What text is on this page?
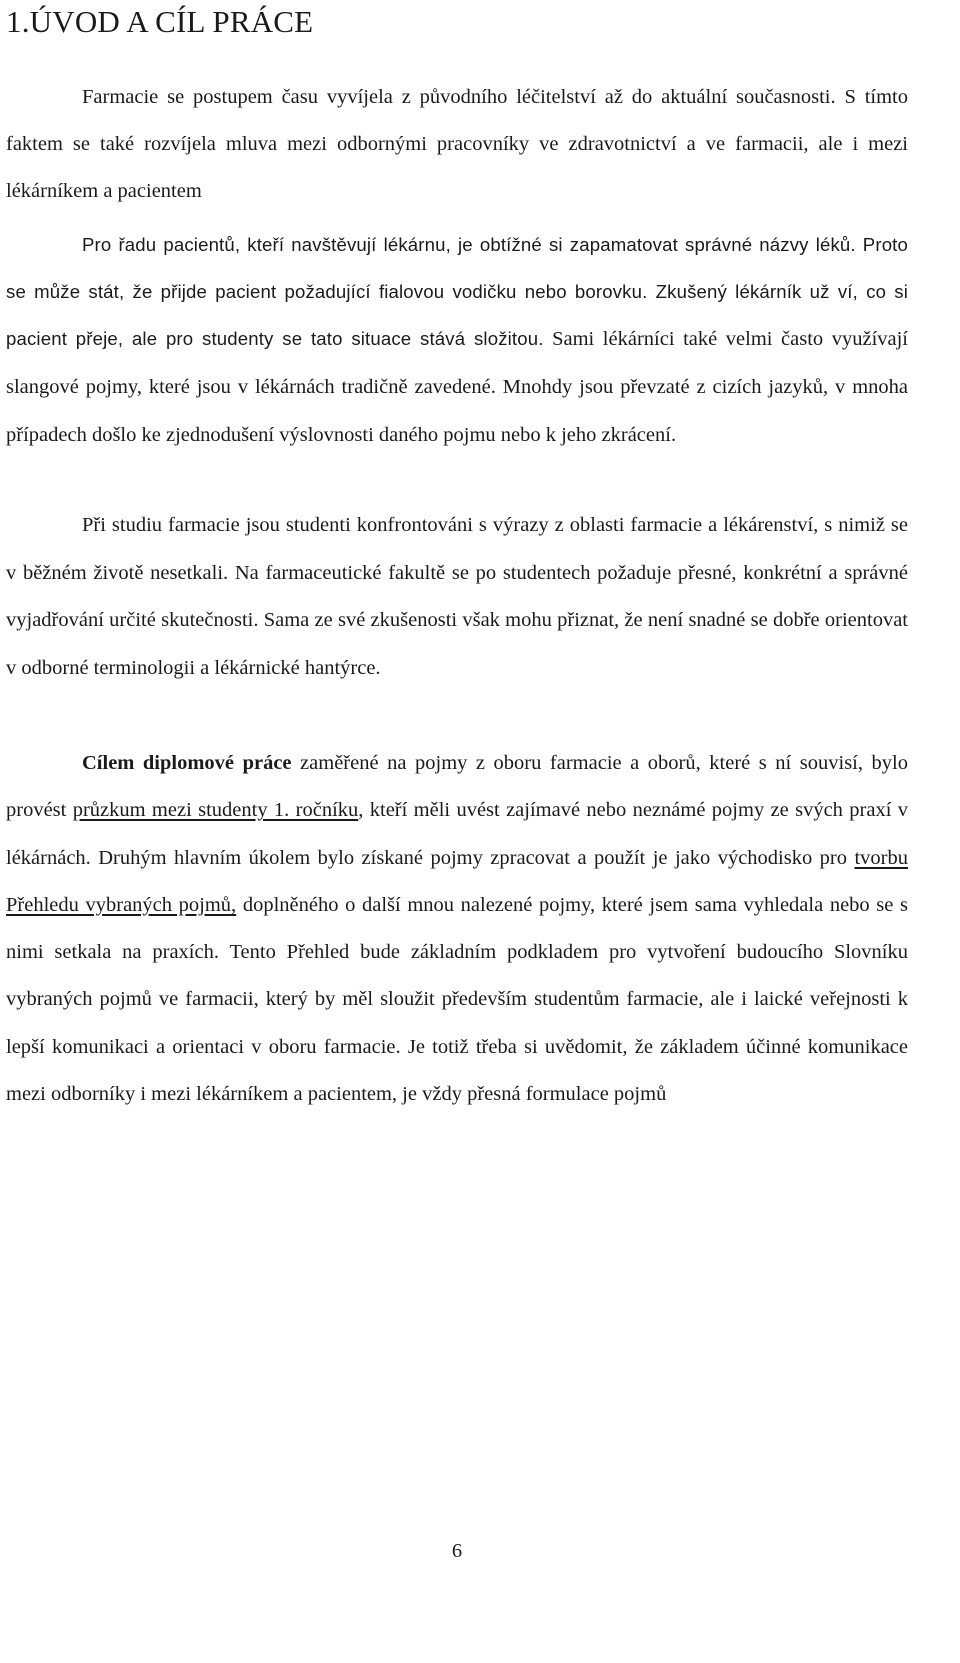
1.ÚVOD A CÍL PRÁCE

Farmacie se postupem času vyvíjela z původního léčitelství až do aktuální současnosti. S tímto faktem se také rozvíjela mluva mezi odbornými pracovníky ve zdravotnictví a ve farmacii, ale i mezi lékárníkem a pacientem

Pro řadu pacientů, kteří navštěvují lékárnu, je obtížné si zapamatovat správné názvy léků. Proto se může stát, že přijde pacient požadující fialovou vodičku nebo borovku. Zkušený lékárník už ví, co si pacient přeje, ale pro studenty se tato situace stává složitou. Sami lékárníci také velmi často využívají slangové pojmy, které jsou v lékárnách tradičně zavedené. Mnohdy jsou převzaté z cizích jazyků, v mnoha případech došlo ke zjednodušení výslovnosti daného pojmu nebo k jeho zkrácení.

Při studiu farmacie jsou studenti konfrontováni s výrazy z oblasti farmacie a lékárenství, s nimiž se v běžném životě nesetkali. Na farmaceutické fakultě se po studentech požaduje přesné, konkrétní a správné vyjadřování určité skutečnosti. Sama ze své zkušenosti však mohu přiznat, že není snadné se dobře orientovat v odborné terminologii a lékárnické hantýrce.

Cílem diplomové práce zaměřené na pojmy z oboru farmacie a oborů, které s ní souvisí, bylo provést průzkum mezi studenty 1. ročníku, kteří měli uvést zajímavé nebo neznámé pojmy ze svých praxí v lékárnách. Druhým hlavním úkolem bylo získané pojmy zpracovat a použít je jako východisko pro tvorbu Přehledu vybraných pojmů, doplněného o další mnou nalezené pojmy, které jsem sama vyhledala nebo se s nimi setkala na praxích. Tento Přehled bude základním podkladem pro vytvoření budoucího Slovníku vybraných pojmů ve farmacii, který by měl sloužit především studentům farmacie, ale i laické veřejnosti k lepší komunikaci a orientaci v oboru farmacie. Je totiž třeba si uvědomit, že základem účinné komunikace mezi odborníky i mezi lékárníkem a pacientem, je vždy přesná formulace pojmů

6
